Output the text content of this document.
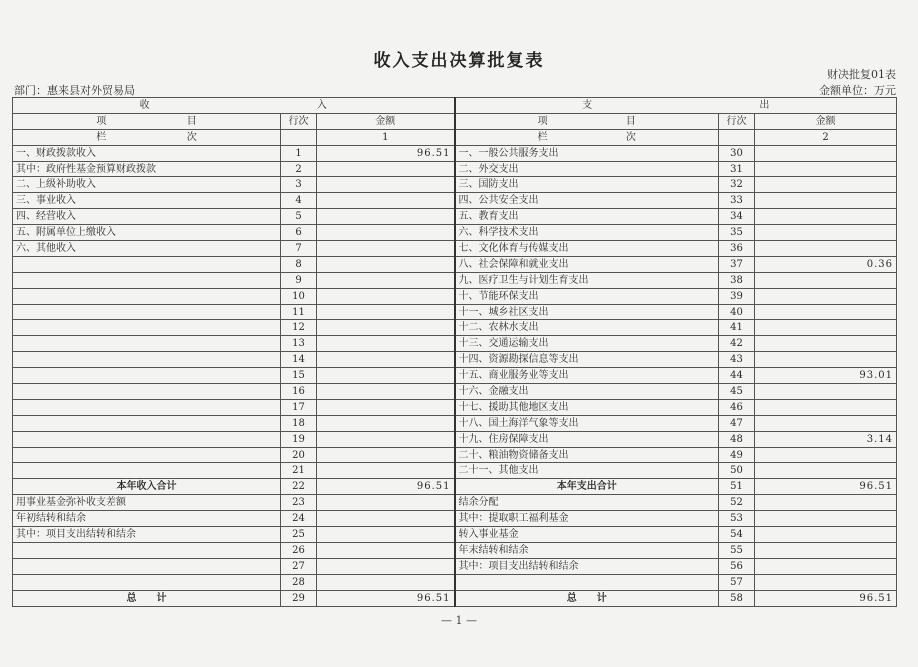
收入支出决算批复表
财决批复01表
部门：惠来县对外贸易局	金额单位：万元
收 入			支 出		

项 目	行次	金额	项 目	行次	金额

栏 次		1	栏 次		2
一、财政拨款收入	1	96.51	一、一般公共服务支出	30	
其中：政府性基金预算财政拨款	2		二、外交支出	31	
二、上级补助收入	3		三、国防支出	32	
三、事业收入	4		四、公共安全支出	33	
四、经营收入	5		五、教育支出	34	
五、附属单位上缴收入	6		六、科学技术支出	35	
六、其他收入	7		七、文化体育与传媒支出	36	
	8		八、社会保障和就业支出	37	0.36
	9		九、医疗卫生与计划生育支出	38	
	10		十、节能环保支出	39	
	11		十一、城乡社区支出	40	
	12		十二、农林水支出	41	
	13		十三、交通运输支出	42	
	14		十四、资源勘探信息等支出	43	
	15		十五、商业服务业等支出	44	93.01
	16		十六、金融支出	45	
	17		十七、援助其他地区支出	46	
	18		十八、国土海洋气象等支出	47	
	19		十九、住房保障支出	48	3.14
	20		二十、粮油物资储备支出	49	
	21		二十一、其他支出	50	
本年收入合计	22	96.51	本年支出合计	51	96.51
用事业基金弥补收支差额	23		结余分配	52	
年初结转和结余	24		其中：提取职工福利基金	53	
其中：项目支出结转和结余	25		转入事业基金	54	
	26		年末结转和结余	55	
	27		其中：项目支出结转和结余	56	
	28			57	
总　　计	29	96.51	总　　计	58	96.51
— 1 —
